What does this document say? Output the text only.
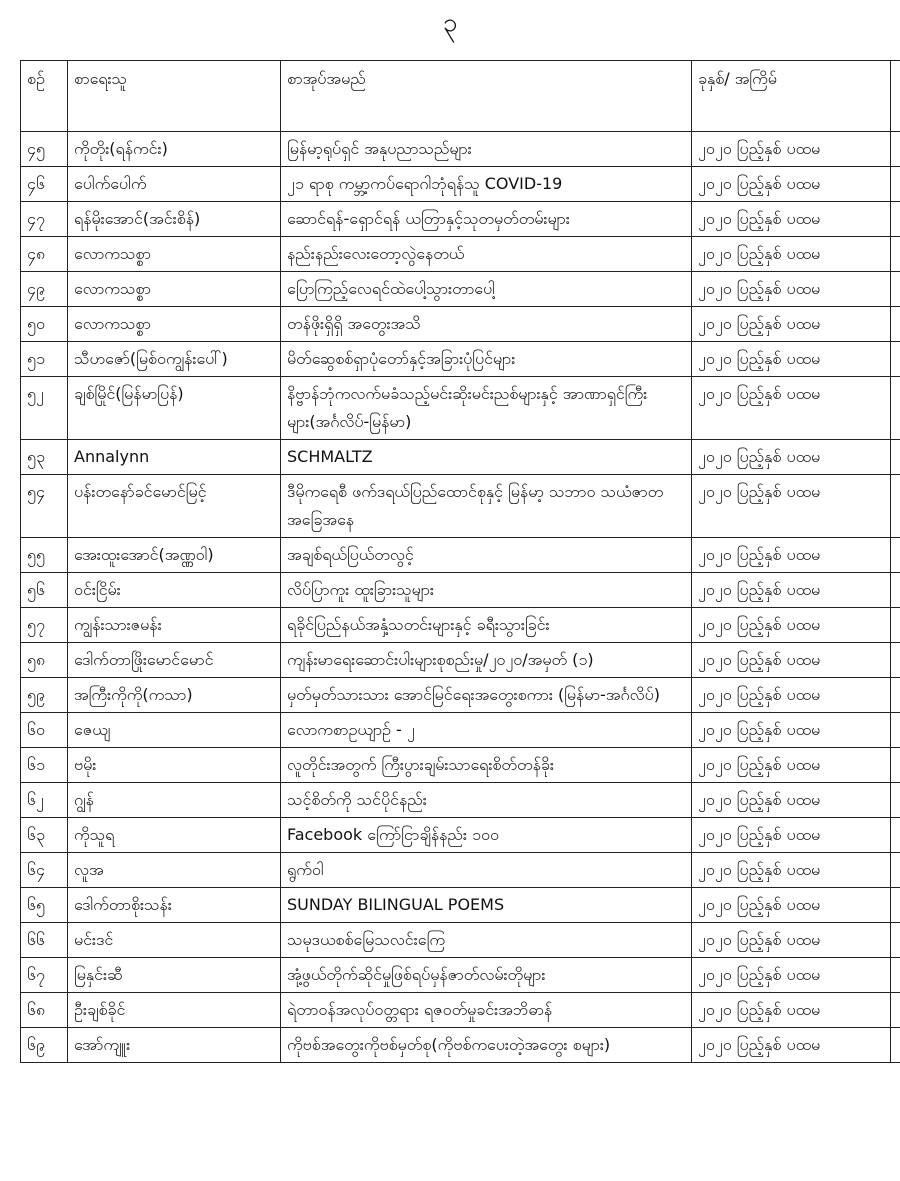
၃
စဉ်	စာရေးသူ	စာအုပ်အမည်	ခုနှစ်/ အကြိမ်	
၄၅	ကိုတိုး(ရန်ကင်း)	မြန်မာ့ရုပ်ရှင် အနုပညာသည်များ	၂၀၂၀ ပြည့်နှစ် ပထမ	
၄၆	ပေါက်ပေါက်	၂၁ ရာစု ကမ္ဘာ့ကပ်ရောဂါဘုံရန်သူ COVID-19	၂၀၂၀ ပြည့်နှစ် ပထမ	
၄၇	ရန်မိုးအောင်(အင်းစိန်)	ဆောင်ရန်-ရှောင်ရန် ယတြာနှင့်သုတမှတ်တမ်းများ	၂၀၂၀ ပြည့်နှစ် ပထမ	
၄၈	လောကသစ္စာ	နည်းနည်းလေးတော့လွဲနေတယ်	၂၀၂၀ ပြည့်နှစ် ပထမ	
၄၉	လောကသစ္စာ	ပြောကြည့်လေရင်ထဲပေါ့သွားတာပေါ့	၂၀၂၀ ပြည့်နှစ် ပထမ	
၅၀	လောကသစ္စာ	တန်ဖိုးရှိရှိ အတွေးအသိ	၂၀၂၀ ပြည့်နှစ် ပထမ	
၅၁	သီဟဇော်(မြစ်ဝကျွန်းပေါ်)	မိတ်ဆွေစစ်ရှာပုံတော်နှင့်အခြားပုံပြင်များ	၂၀၂၀ ပြည့်နှစ် ပထမ	
၅၂	ချစ်မြိုင်(မြန်မာပြန်)	နိဗ္ဗာန်ဘုံကလက်မခံသည့်မင်းဆိုးမင်းညစ်များနှင့် အာဏာရှင်ကြီးများ(အင်္ဂလိပ်-မြန်မာ)	၂၀၂၀ ပြည့်နှစ် ပထမ	
၅၃	Annalynn	SCHMALTZ	၂၀၂၀ ပြည့်နှစ် ပထမ	
၅၄	ပန်းတနော်ခင်မောင်မြင့်	ဒီမိုကရေစီ ဖက်ဒရယ်ပြည်ထောင်စုနှင့် မြန်မာ့ သဘာဝ သယံဇာတအခြေအနေ	၂၀၂၀ ပြည့်နှစ် ပထမ	
၅၅	အေးထူးအောင်(အဏ္ဏဝါ)	အချစ်ရယ်ပြယ်တလွင့်	၂၀၂၀ ပြည့်နှစ် ပထမ	
၅၆	ဝင်းငြိမ်း	လိပ်ပြာကူး ထူးခြားသူများ	၂၀၂၀ ပြည့်နှစ် ပထမ	
၅၇	ကျွန်းသားဇမန်း	ရခိုင်ပြည်နယ်အနှံ့သတင်းများနှင့် ခရီးသွားခြင်း	၂၀၂၀ ပြည့်နှစ် ပထမ	
၅၈	ဒေါက်တာဖြိုးမောင်မောင်	ကျန်းမာရေးဆောင်းပါးများစုစည်းမှု/၂၀၂၀/အမှတ် (၁)	၂၀၂၀ ပြည့်နှစ် ပထမ	
၅၉	အကြီးကိုကို(ကသာ)	မှတ်မှတ်သားသား အောင်မြင်ရေးအတွေးစကား (မြန်မာ-အင်္ဂလိပ်)	၂၀၂၀ ပြည့်နှစ် ပထမ	
၆၀	ဇေယျ	လောကစာဥယျာဉ် - ၂	၂၀၂၀ ပြည့်နှစ် ပထမ	
၆၁	ဗမိုး	လူတိုင်းအတွက် ကြီးပွားချမ်းသာရေးစိတ်တန်ခိုး	၂၀၂၀ ပြည့်နှစ် ပထမ	
၆၂	ဂျွန်	သင့်စိတ်ကို သင်ပိုင်နည်း	၂၀၂၀ ပြည့်နှစ် ပထမ	
၆၃	ကိုသူရ	Facebook ကြော်ငြာချိန်နည်း ၁၀၀	၂၀၂၀ ပြည့်နှစ် ပထမ	
၆၄	လူအ	ရွက်ဝါ	၂၀၂၀ ပြည့်နှစ် ပထမ	
၆၅	ဒေါက်တာစိုးသန်း	SUNDAY BILINGUAL POEMS	၂၀၂၀ ပြည့်နှစ် ပထမ	
၆၆	မင်းဒင်	သမုဒယစစ်မြေသလင်းကြေ	၂၀၂၀ ပြည့်နှစ် ပထမ	
၆၇	မြနှင်းဆီ	အုံ့ဖွယ်တိုက်ဆိုင်မှုဖြစ်ရပ်မှန်ဇာတ်လမ်းတိုများ	၂၀၂၀ ပြည့်နှစ် ပထမ	
၆၈	ဦးချစ်ခိုင်	ရဲတာဝန်အလုပ်ဝတ္တရား ရဇဝတ်မှုခင်းအဘိဓာန်	၂၀၂၀ ပြည့်နှစ် ပထမ	
၆၉	အော်ကျူး	ကိုဗစ်အတွေးကိုဗစ်မှတ်စု(ကိုဗစ်ကပေးတဲ့အတွေး စများ)	၂၀၂၀ ပြည့်နှစ် ပထမ	
